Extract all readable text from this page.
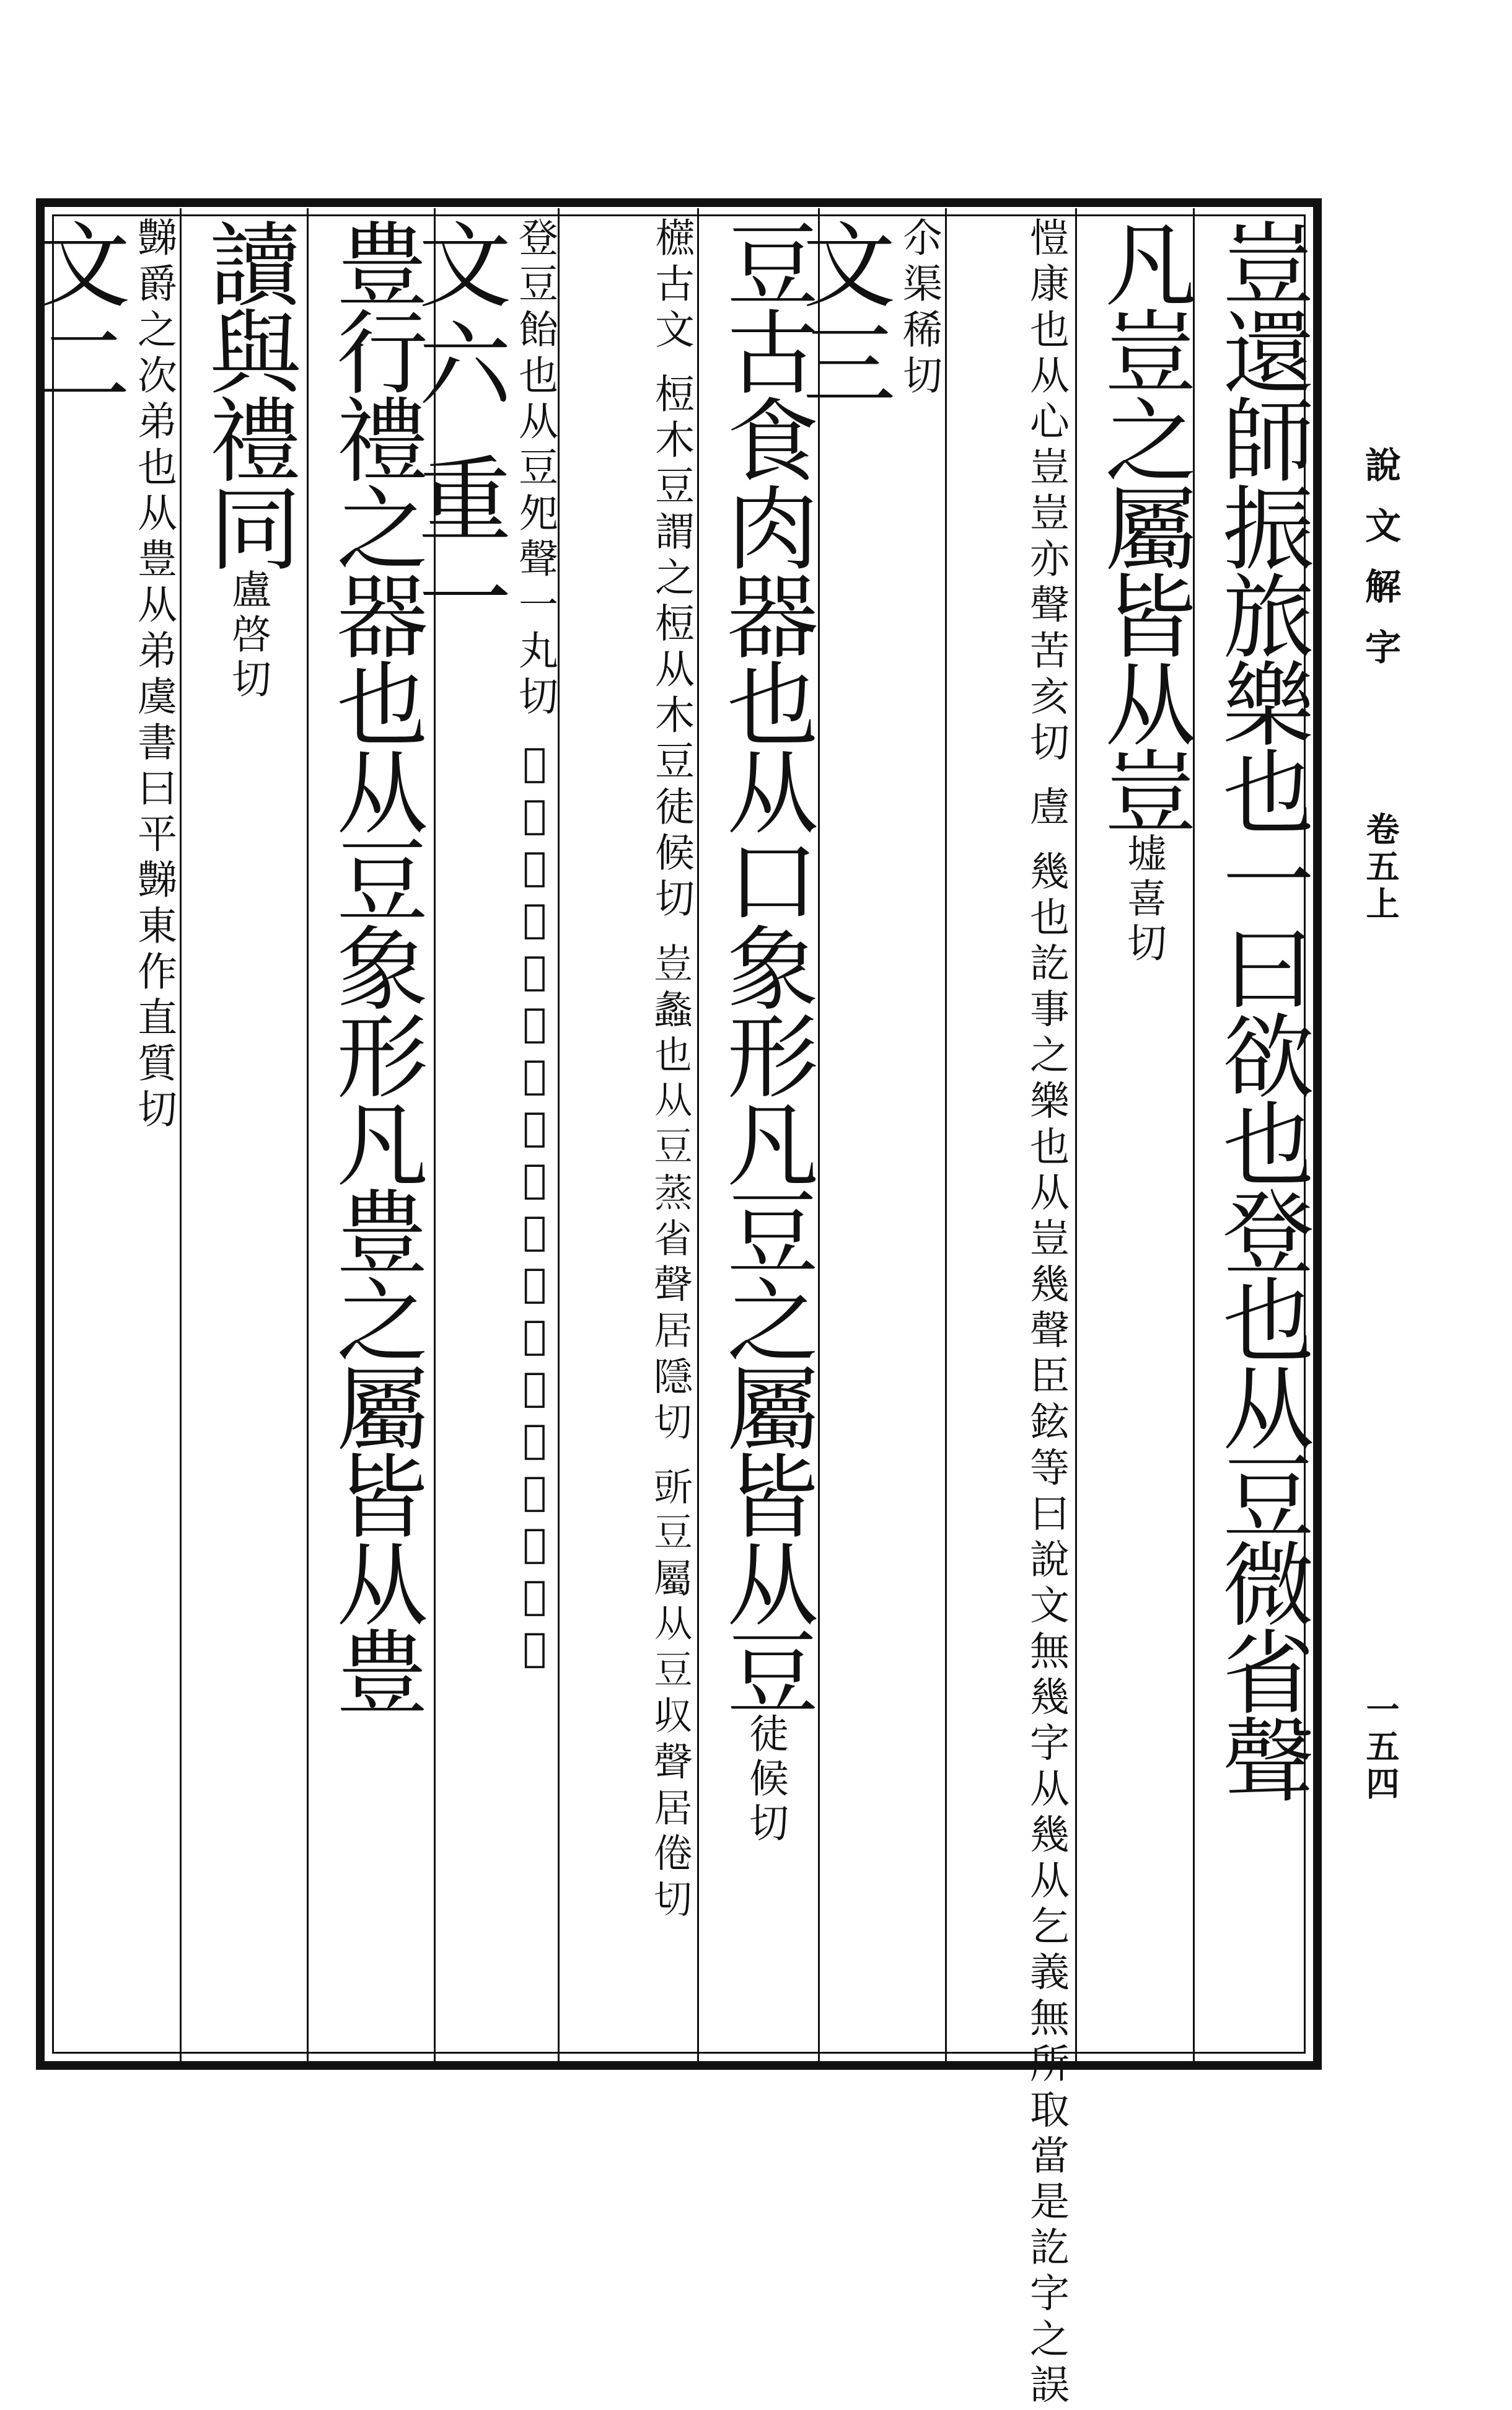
說文解字
卷五上
一五四
豈還師振旅樂也一曰欲也登也从豆微省聲
凡豈之屬皆从豈墟喜切
愷康也从心豈豈亦聲苦亥切 䖒 幾也訖事之樂也从豈幾聲臣鉉等曰說文無幾字从幾从乞義無所取當是訖字之誤
尒渠稀切
文三
豆古食肉器也从口象形凡豆之屬皆从豆徒候切
𣞢古文 梪木豆謂之梪从木豆徒候切 𧯛蠡也从豆蒸省聲居隱切 𧯞豆屬从豆𠬞聲居倦切
登豆飴也从豆夗聲一丸切 𧯟禮器也从廾持肉在豆上讀若鐙同都滕切
文六 重一
豊行禮之器也从豆象形凡豊之屬皆从豊
讀與禮同盧啓切
豑爵之次弟也从豊从弟虞書曰平豑東作直質切
文二
